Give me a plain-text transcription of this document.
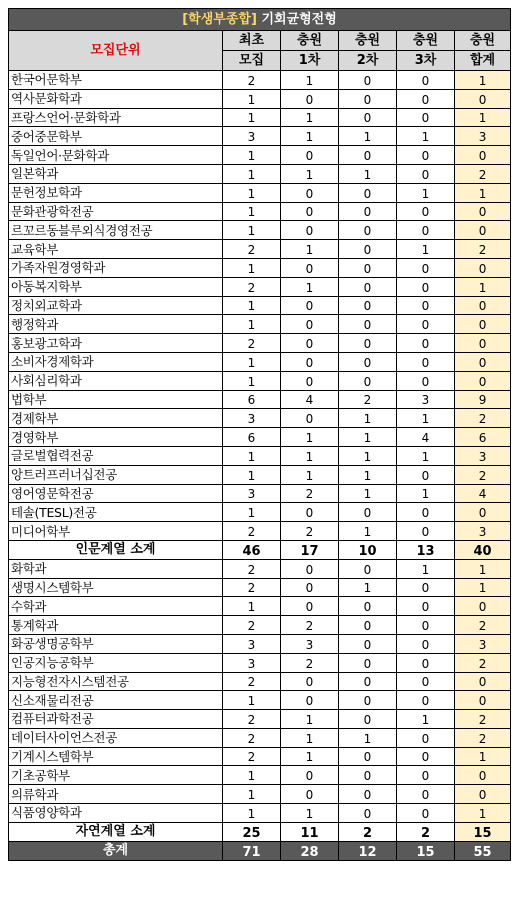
[학생부종합] 기회균형전형					
모집단위	최초	충원	충원	충원	충원
	모집	1차	2차	3차	합계
한국어문학부	2	1	0	0	1
역사문화학과	1	0	0	0	0
프랑스언어·문화학과	1	1	0	0	1
중어중문학부	3	1	1	1	3
독일언어·문화학과	1	0	0	0	0
일본학과	1	1	1	0	2
문헌정보학과	1	0	0	1	1
문화관광학전공	1	0	0	0	0
르꼬르동블루외식경영전공	1	0	0	0	0
교육학부	2	1	0	1	2
가족자원경영학과	1	0	0	0	0
아동복지학부	2	1	0	0	1
정치외교학과	1	0	0	0	0
행정학과	1	0	0	0	0
홍보광고학과	2	0	0	0	0
소비자경제학과	1	0	0	0	0
사회심리학과	1	0	0	0	0
법학부	6	4	2	3	9
경제학부	3	0	1	1	2
경영학부	6	1	1	4	6
글로벌협력전공	1	1	1	1	3
앙트러프러너십전공	1	1	1	0	2
영어영문학전공	3	2	1	1	4
테솔(TESL)전공	1	0	0	0	0
미디어학부	2	2	1	0	3
인문계열 소계	46	17	10	13	40
화학과	2	0	0	1	1
생명시스템학부	2	0	1	0	1
수학과	1	0	0	0	0
통계학과	2	2	0	0	2
화공생명공학부	3	3	0	0	3
인공지능공학부	3	2	0	0	2
지능형전자시스템전공	2	0	0	0	0
신소재물리전공	1	0	0	0	0
컴퓨터과학전공	2	1	0	1	2
데이터사이언스전공	2	1	1	0	2
기계시스템학부	2	1	0	0	1
기초공학부	1	0	0	0	0
의류학과	1	0	0	0	0
식품영양학과	1	1	0	0	1
자연계열 소계	25	11	2	2	15
총계	71	28	12	15	55
